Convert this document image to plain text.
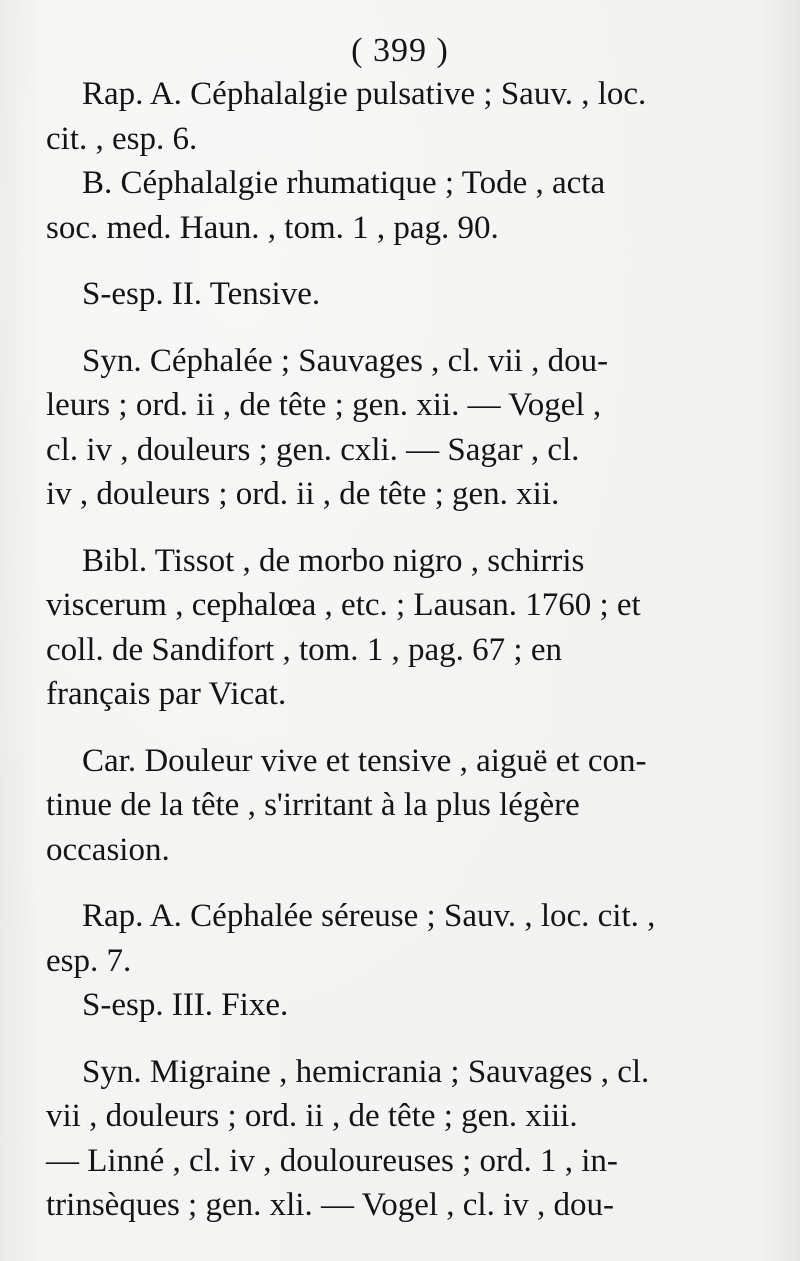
( 399 )
Rap. A. Céphalalgie pulsative ; Sauv. , loc.
cit. , esp. 6.
B. Céphalalgie rhumatique ; Tode , acta
soc. med. Haun. , tom. 1 , pag. 90.
S-esp. II. Tensive.
Syn. Céphalée ; Sauvages , cl. vii , dou-
leurs ; ord. ii , de tête ; gen. xii. — Vogel ,
cl. iv , douleurs ; gen. cxli. — Sagar , cl.
iv , douleurs ; ord. ii , de tête ; gen. xii.
Bibl. Tissot , de morbo nigro , schirris
viscerum , cephalœa , etc. ; Lausan. 1760 ; et
coll. de Sandifort , tom. 1 , pag. 67 ; en
français par Vicat.
Car. Douleur vive et tensive , aiguë et con-
tinue de la tête , s'irritant à la plus légère
occasion.
Rap. A. Céphalée séreuse ; Sauv. , loc. cit. ,
esp. 7.
S-esp. III. Fixe.
Syn. Migraine , hemicrania ; Sauvages , cl.
vii , douleurs ; ord. ii , de tête ; gen. xiii.
— Linné , cl. iv , douloureuses ; ord. 1 , in-
trinsèques ; gen. xli. — Vogel , cl. iv , dou-
